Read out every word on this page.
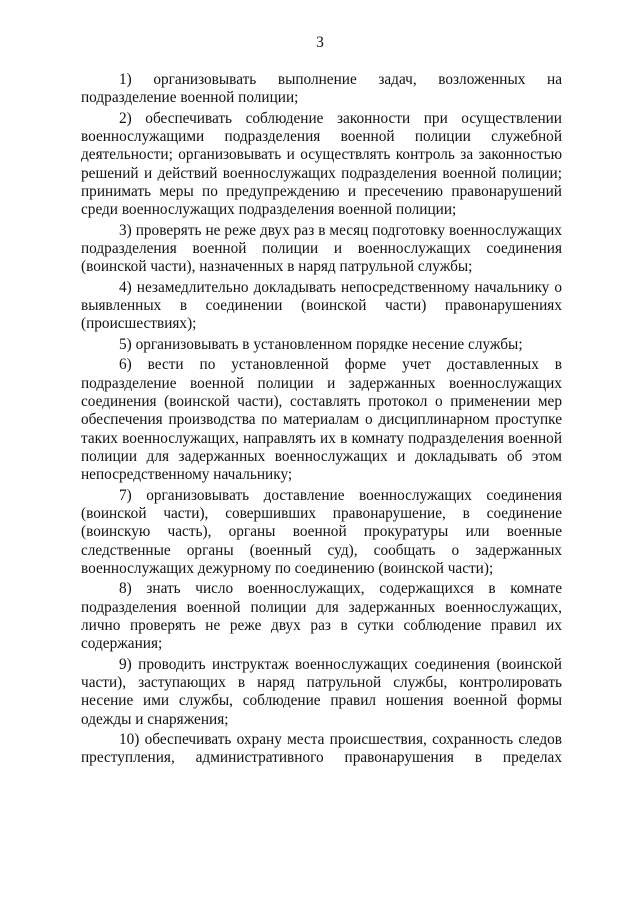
3

1) организовывать выполнение задач, возложенных на подразделение военной полиции;

2) обеспечивать соблюдение законности при осуществлении военнослужащими подразделения военной полиции служебной деятельности; организовывать и осуществлять контроль за законностью решений и действий военнослужащих подразделения военной полиции; принимать меры по предупреждению и пресечению правонарушений среди военнослужащих подразделения военной полиции;

3) проверять не реже двух раз в месяц подготовку военнослужащих подразделения военной полиции и военнослужащих соединения (воинской части), назначенных в наряд патрульной службы;

4) незамедлительно докладывать непосредственному начальнику о выявленных в соединении (воинской части) правонарушениях (происшествиях);

5) организовывать в установленном порядке несение службы;

6) вести по установленной форме учет доставленных в подразделение военной полиции и задержанных военнослужащих соединения (воинской части), составлять протокол о применении мер обеспечения производства по материалам о дисциплинарном проступке таких военнослужащих, направлять их в комнату подразделения военной полиции для задержанных военнослужащих и докладывать об этом непосредственному начальнику;

7) организовывать доставление военнослужащих соединения (воинской части), совершивших правонарушение, в соединение (воинскую часть), органы военной прокуратуры или военные следственные органы (военный суд), сообщать о задержанных военнослужащих дежурному по соединению (воинской части);

8) знать число военнослужащих, содержащихся в комнате подразделения военной полиции для задержанных военнослужащих, лично проверять не реже двух раз в сутки соблюдение правил их содержания;

9) проводить инструктаж военнослужащих соединения (воинской части), заступающих в наряд патрульной службы, контролировать несение ими службы, соблюдение правил ношения военной формы одежды и снаряжения;

10) обеспечивать охрану места происшествия, сохранность следов преступления, административного правонарушения в пределах
